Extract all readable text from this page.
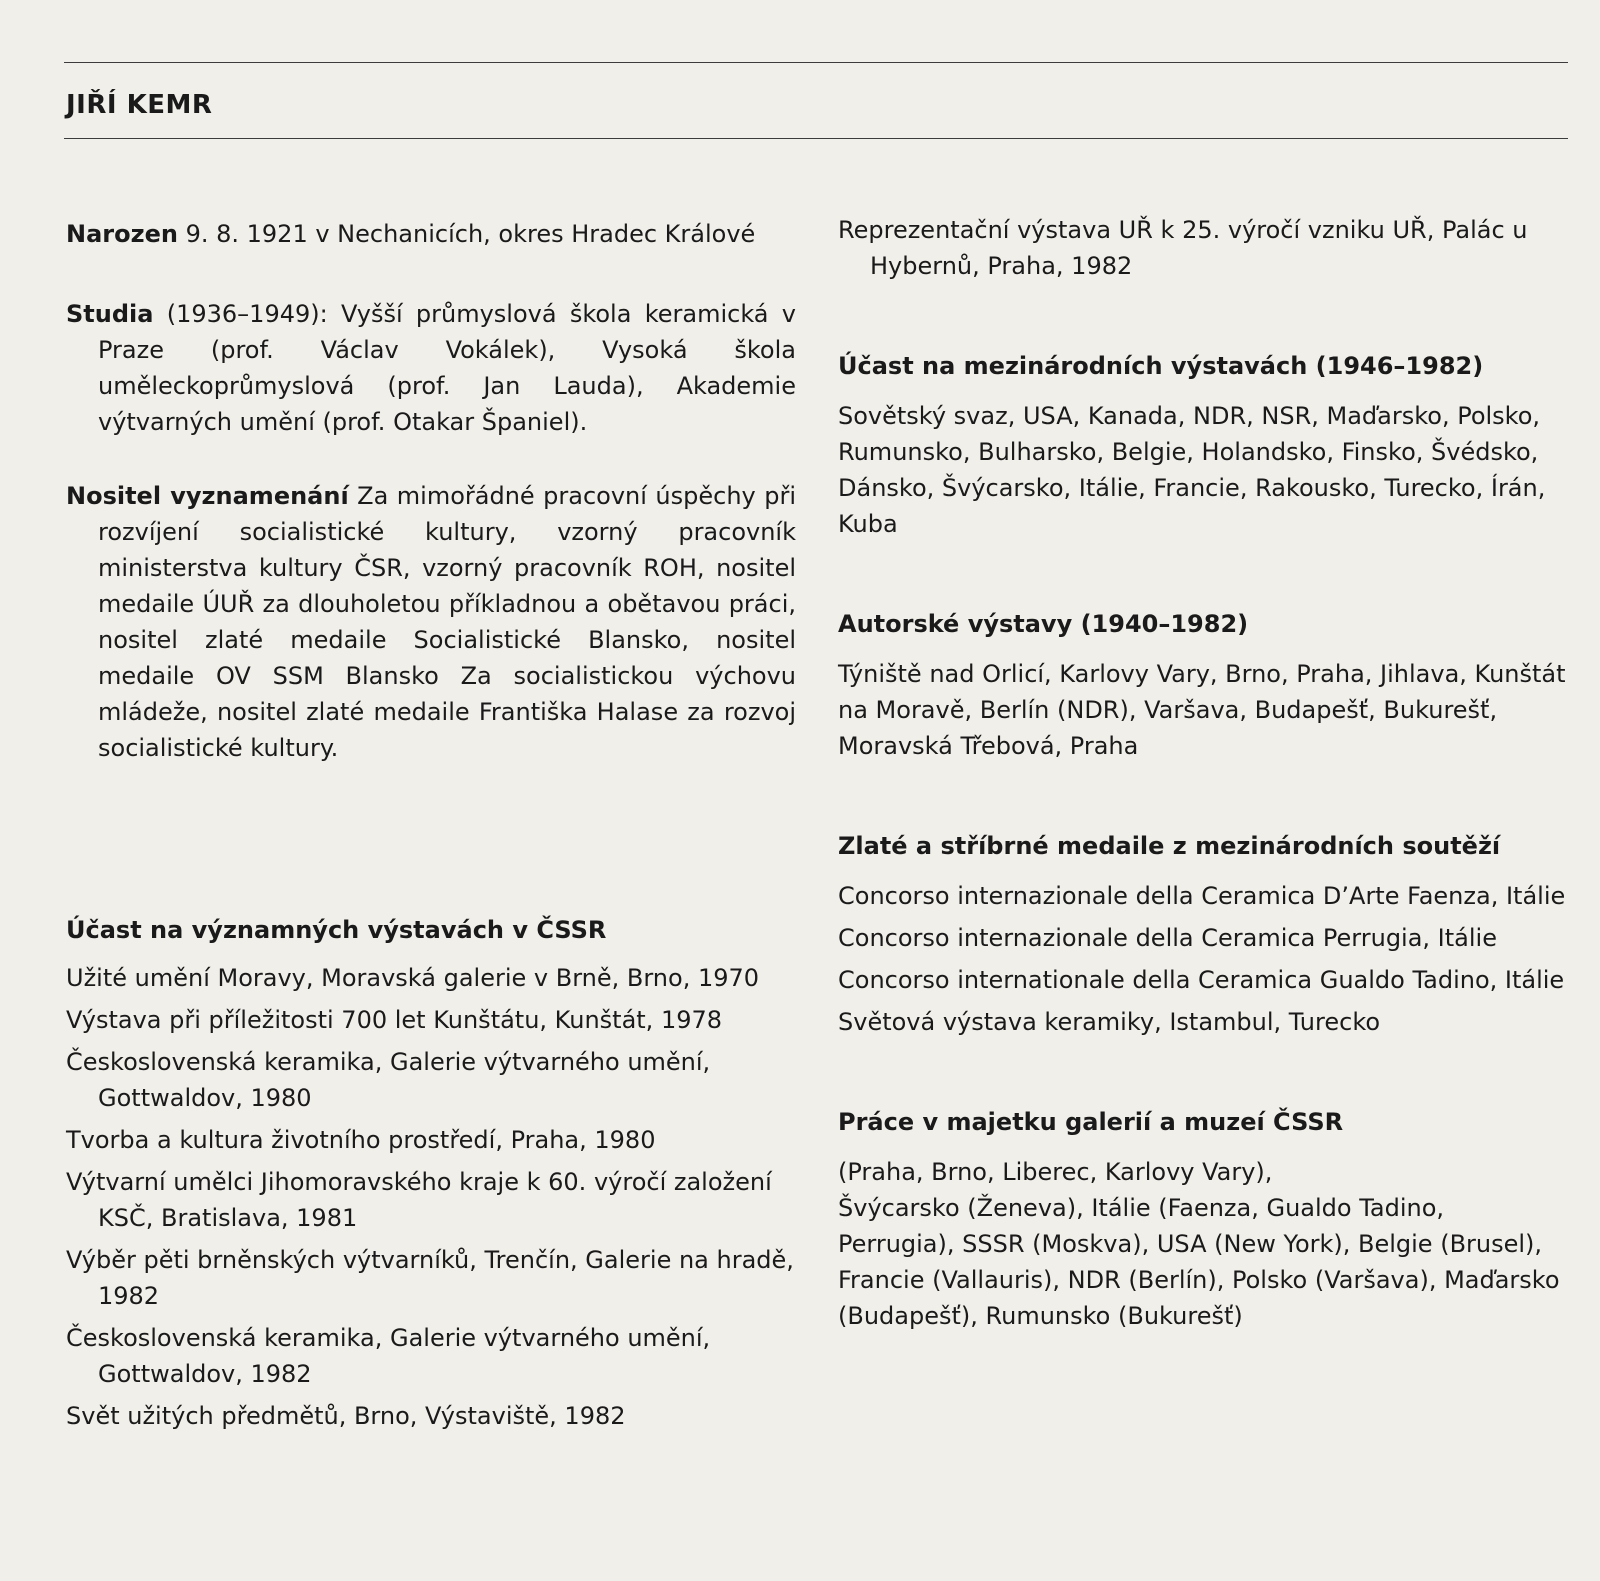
JIŘÍ KEMR

Narozen 9. 8. 1921 v Nechanicích, okres Hradec Králové

Studia (1936–1949): Vyšší průmyslová škola keramická v Praze (prof. Václav Vokálek), Vysoká škola uměleckoprůmyslová (prof. Jan Lauda), Akademie výtvarných umění (prof. Otakar Španiel).

Nositel vyznamenání Za mimořádné pracovní úspěchy při rozvíjení socialistické kultury, vzorný pracovník ministerstva kultury ČSR, vzorný pracovník ROH, nositel medaile ÚUŘ za dlouholetou příkladnou a obětavou práci, nositel zlaté medaile Socialistické Blansko, nositel medaile OV SSM Blansko Za socialistickou výchovu mládeže, nositel zlaté medaile Františka Halase za rozvoj socialistické kultury.

Účast na významných výstavách v ČSSR

Užité umění Moravy, Moravská galerie v Brně, Brno, 1970

Výstava při příležitosti 700 let Kunštátu, Kunštát, 1978

Československá keramika, Galerie výtvarného umění, Gottwaldov, 1980

Tvorba a kultura životního prostředí, Praha, 1980

Výtvarní umělci Jihomoravského kraje k 60. výročí založení KSČ, Bratislava, 1981

Výběr pěti brněnských výtvarníků, Trenčín, Galerie na hradě, 1982

Československá keramika, Galerie výtvarného umění, Gottwaldov, 1982

Svět užitých předmětů, Brno, Výstaviště, 1982

Reprezentační výstava UŘ k 25. výročí vzniku UŘ, Palác u Hybernů, Praha, 1982

Účast na mezinárodních výstavách (1946–1982)

Sovětský svaz, USA, Kanada, NDR, NSR, Maďarsko, Polsko, Rumunsko, Bulharsko, Belgie, Holandsko, Finsko, Švédsko, Dánsko, Švýcarsko, Itálie, Francie, Rakousko, Turecko, Írán, Kuba

Autorské výstavy (1940–1982)

Týniště nad Orlicí, Karlovy Vary, Brno, Praha, Jihlava, Kunštát na Moravě, Berlín (NDR), Varšava, Budapešť, Bukurešť, Moravská Třebová, Praha

Zlaté a stříbrné medaile z mezinárodních soutěží

Concorso internazionale della Ceramica D’Arte Faenza, Itálie

Concorso internazionale della Ceramica Perrugia, Itálie

Concorso internationale della Ceramica Gualdo Tadino, Itálie

Světová výstava keramiky, Istambul, Turecko

Práce v majetku galerií a muzeí ČSSR

(Praha, Brno, Liberec, Karlovy Vary),

Švýcarsko (Ženeva), Itálie (Faenza, Gualdo Tadino, Perrugia), SSSR (Moskva), USA (New York), Belgie (Brusel), Francie (Vallauris), NDR (Berlín), Polsko (Varšava), Maďarsko (Budapešť), Rumunsko (Bukurešť)
